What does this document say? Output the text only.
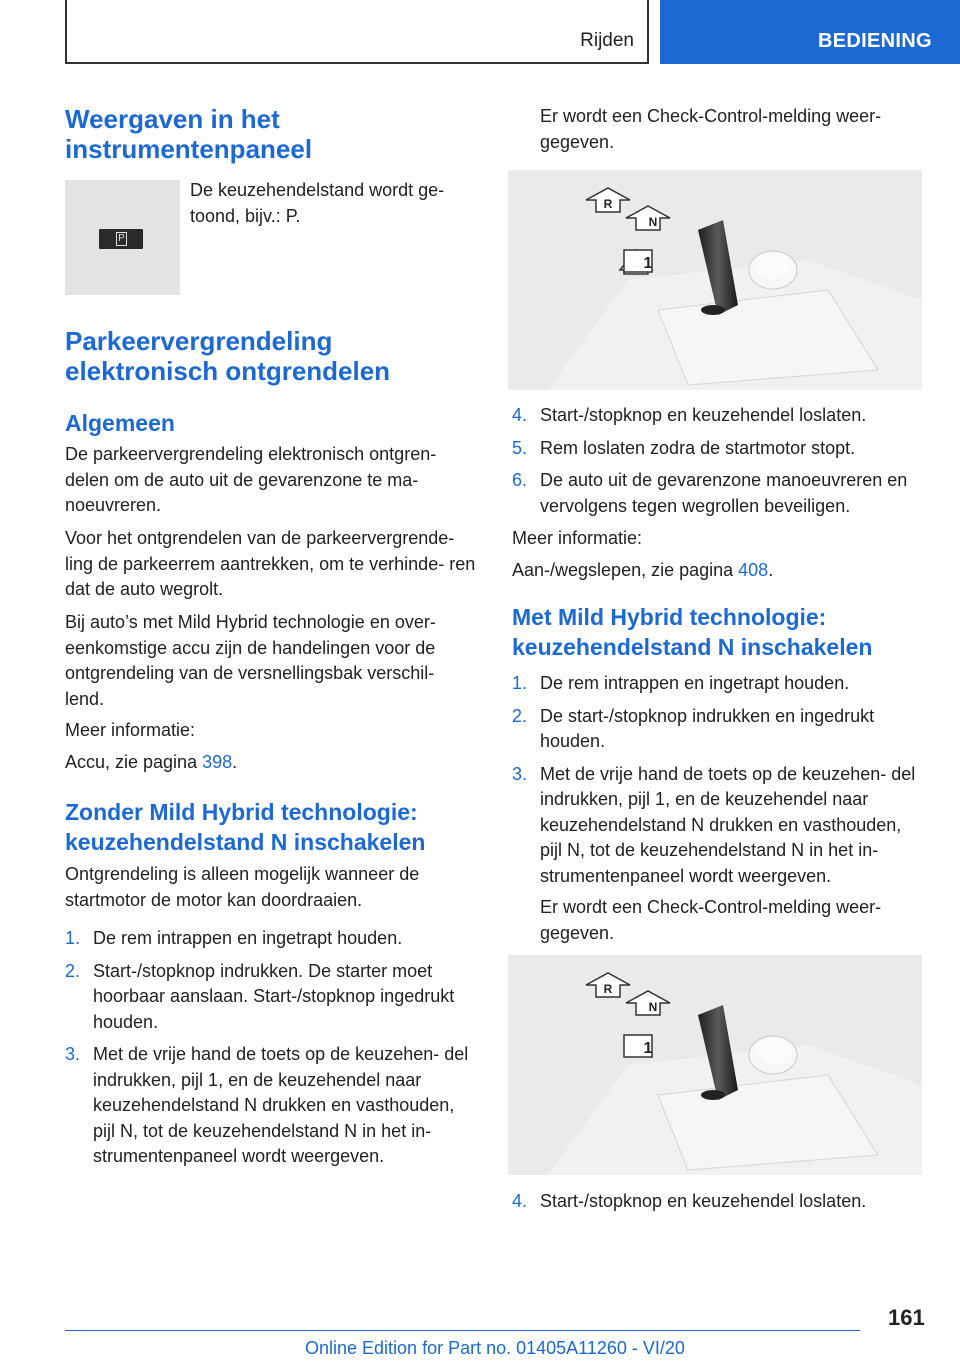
Rijden	BEDIENING
Weergaven in het instrumentenpaneel
P
De keuzehendelstand wordt ge- toond, bijv.: P.
Parkeervergrendeling elektronisch ontgrendelen
Algemeen
De parkeervergrendeling elektronisch ontgren- delen om de auto uit de gevarenzone te ma- noeuvreren.
Voor het ontgrendelen van de parkeervergrende- ling de parkeerrem aantrekken, om te verhinde- ren dat de auto wegrolt.
Bij auto’s met Mild Hybrid technologie en over- eenkomstige accu zijn de handelingen voor de ontgrendeling van de versnellingsbak verschil- lend.
Meer informatie:
Accu, zie pagina 398.
Zonder Mild Hybrid technologie: keuzehendelstand N inschakelen
Ontgrendeling is alleen mogelijk wanneer de startmotor de motor kan doordraaien.
1. De rem intrappen en ingetrapt houden.
2. Start-/stopknop indrukken. De starter moet hoorbaar aanslaan. Start-/stopknop ingedrukt houden.
3. Met de vrije hand de toets op de keuzehen- del indrukken, pijl 1, en de keuzehendel naar keuzehendelstand N drukken en vasthouden, pijl N, tot de keuzehendelstand N in het in- strumentenpaneel wordt weergeven.
Er wordt een Check-Control-melding weer- gegeven.
R
N
1
4. Start-/stopknop en keuzehendel loslaten.
5. Rem loslaten zodra de startmotor stopt.
6. De auto uit de gevarenzone manoeuvreren en vervolgens tegen wegrollen beveiligen.
Meer informatie:
Aan-/wegslepen, zie pagina 408.
Met Mild Hybrid technologie: keuzehendelstand N inschakelen
1. De rem intrappen en ingetrapt houden.
2. De start-/stopknop indrukken en ingedrukt houden.
3. Met de vrije hand de toets op de keuzehen- del indrukken, pijl 1, en de keuzehendel naar keuzehendelstand N drukken en vasthouden, pijl N, tot de keuzehendelstand N in het in- strumentenpaneel wordt weergeven.
Er wordt een Check-Control-melding weer- gegeven.
R
N
1
4. Start-/stopknop en keuzehendel loslaten.
161
Online Edition for Part no. 01405A11260 - VI/20
